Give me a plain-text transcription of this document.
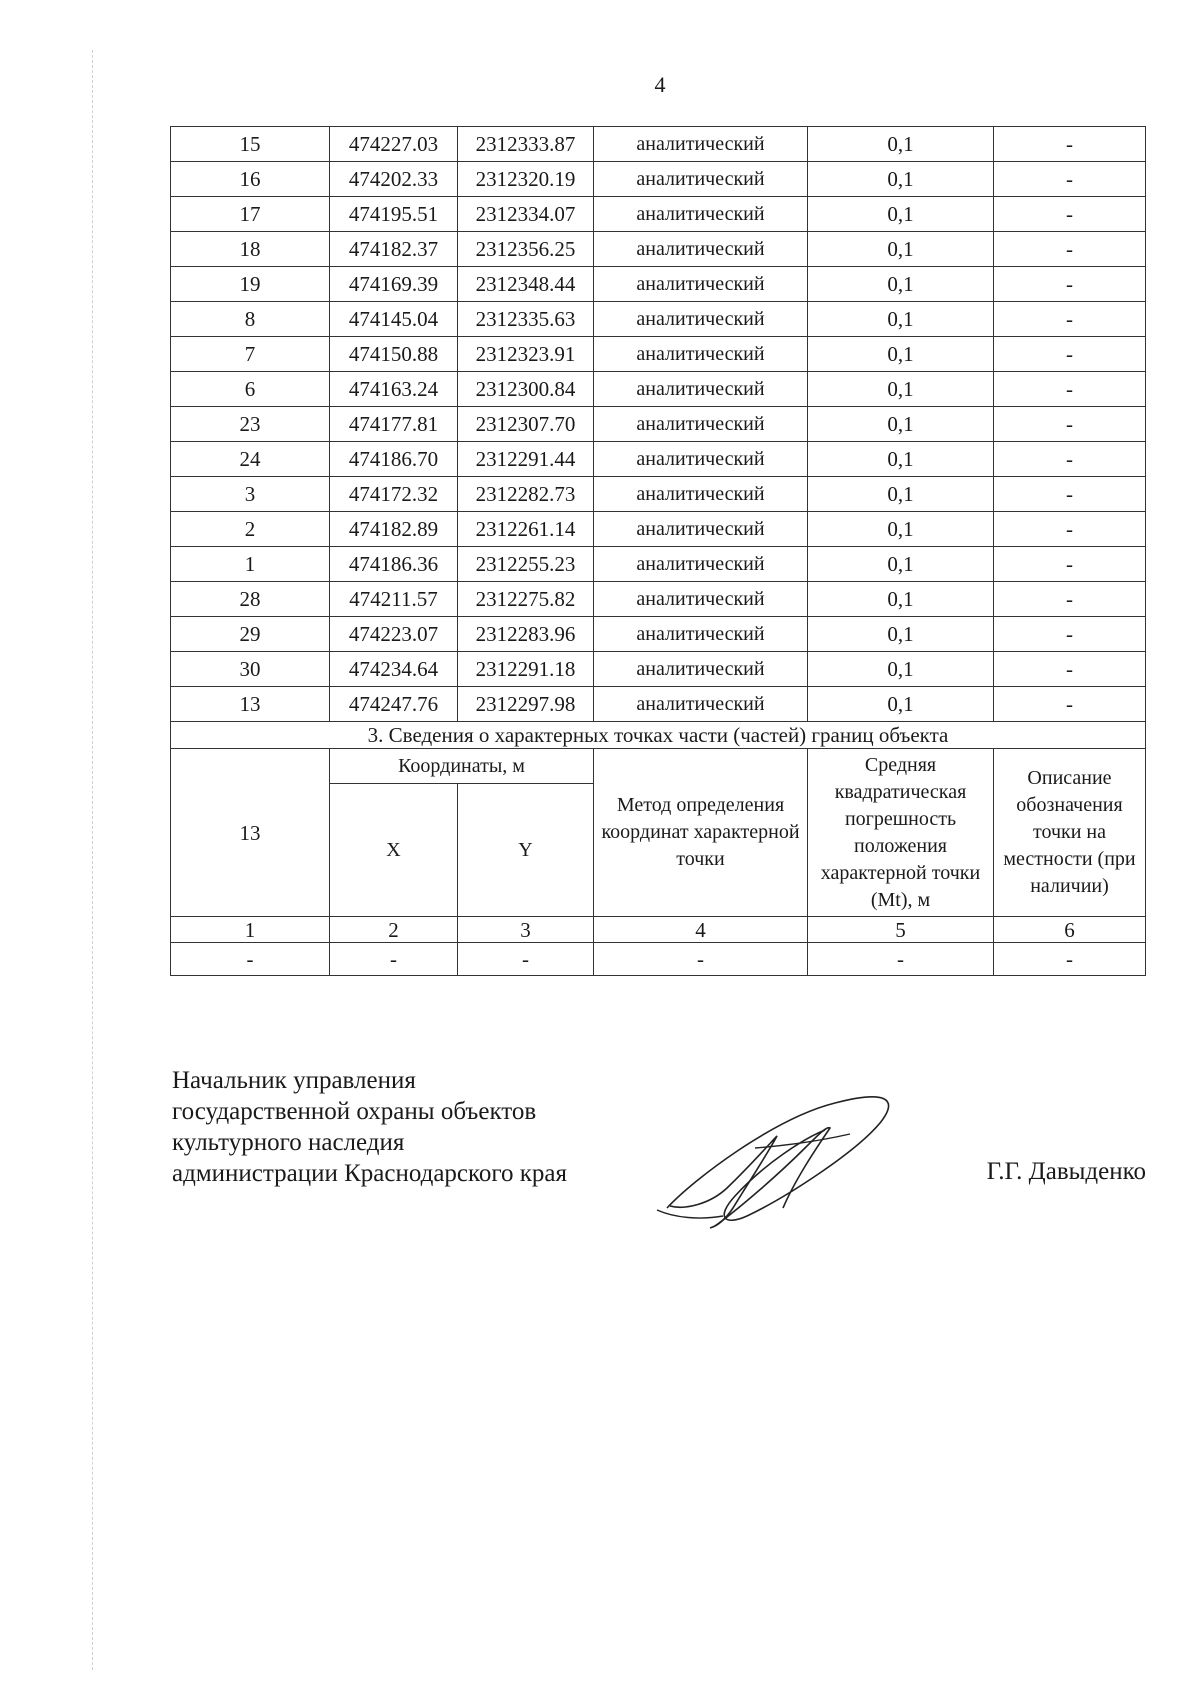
4
15	474227.03	2312333.87	аналитический	0,1	-
16	474202.33	2312320.19	аналитический	0,1	-
17	474195.51	2312334.07	аналитический	0,1	-
18	474182.37	2312356.25	аналитический	0,1	-
19	474169.39	2312348.44	аналитический	0,1	-
8	474145.04	2312335.63	аналитический	0,1	-
7	474150.88	2312323.91	аналитический	0,1	-
6	474163.24	2312300.84	аналитический	0,1	-
23	474177.81	2312307.70	аналитический	0,1	-
24	474186.70	2312291.44	аналитический	0,1	-
3	474172.32	2312282.73	аналитический	0,1	-
2	474182.89	2312261.14	аналитический	0,1	-
1	474186.36	2312255.23	аналитический	0,1	-
28	474211.57	2312275.82	аналитический	0,1	-
29	474223.07	2312283.96	аналитический	0,1	-
30	474234.64	2312291.18	аналитический	0,1	-
13	474247.76	2312297.98	аналитический	0,1	-
3. Сведения о характерных точках части (частей) границ объекта					
13	Координаты, м		Метод определения координат характерной точки	Средняя квадратическая погрешность положения характерной точки (Mt), м	Описание обозначения точки на местности (при наличии)
	X	Y			
1	2	3	4	5	6
-	-	-	-	-	-
Начальник управления
государственной охраны объектов
культурного наследия
администрации Краснодарского края	Г.Г. Давыденко
